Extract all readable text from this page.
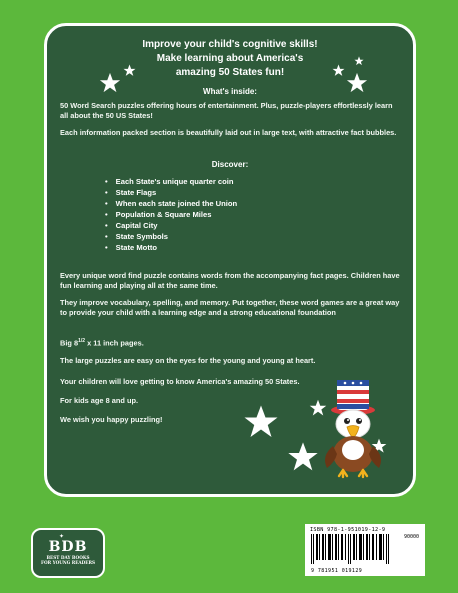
Improve your child's cognitive skills!
Make learning about America's
amazing 50 States fun!
What's inside:
50 Word Search puzzles offering hours of entertainment. Plus, puzzle-players effortlessly learn all about the 50 US States!
Each information packed section is beautifully laid out in large text, with attractive fact bubbles.
Discover:
• Each State's unique quarter coin
• State Flags
• When each state joined the Union
• Population & Square Miles
• Capital City
• State Symbols
• State Motto
Every unique word find puzzle contains words from the accompanying fact pages. Children have fun learning and playing all at the same time.
They improve vocabulary, spelling, and memory. Put together, these word games are a great way to provide your child with a learning edge and a strong educational foundation
Big $8^{1/2}$ x 11 inch pages.
The large puzzles are easy on the eyes for the young and young at heart.
Your children will love getting to know America's amazing 50 States.
For kids age 8 and up.
We wish you happy puzzling!
✦
BDB
BEST DAY BOOKS
FOR YOUNG READERS
ISBN 978-1-951019-12-9
90000
9 781951 019129
